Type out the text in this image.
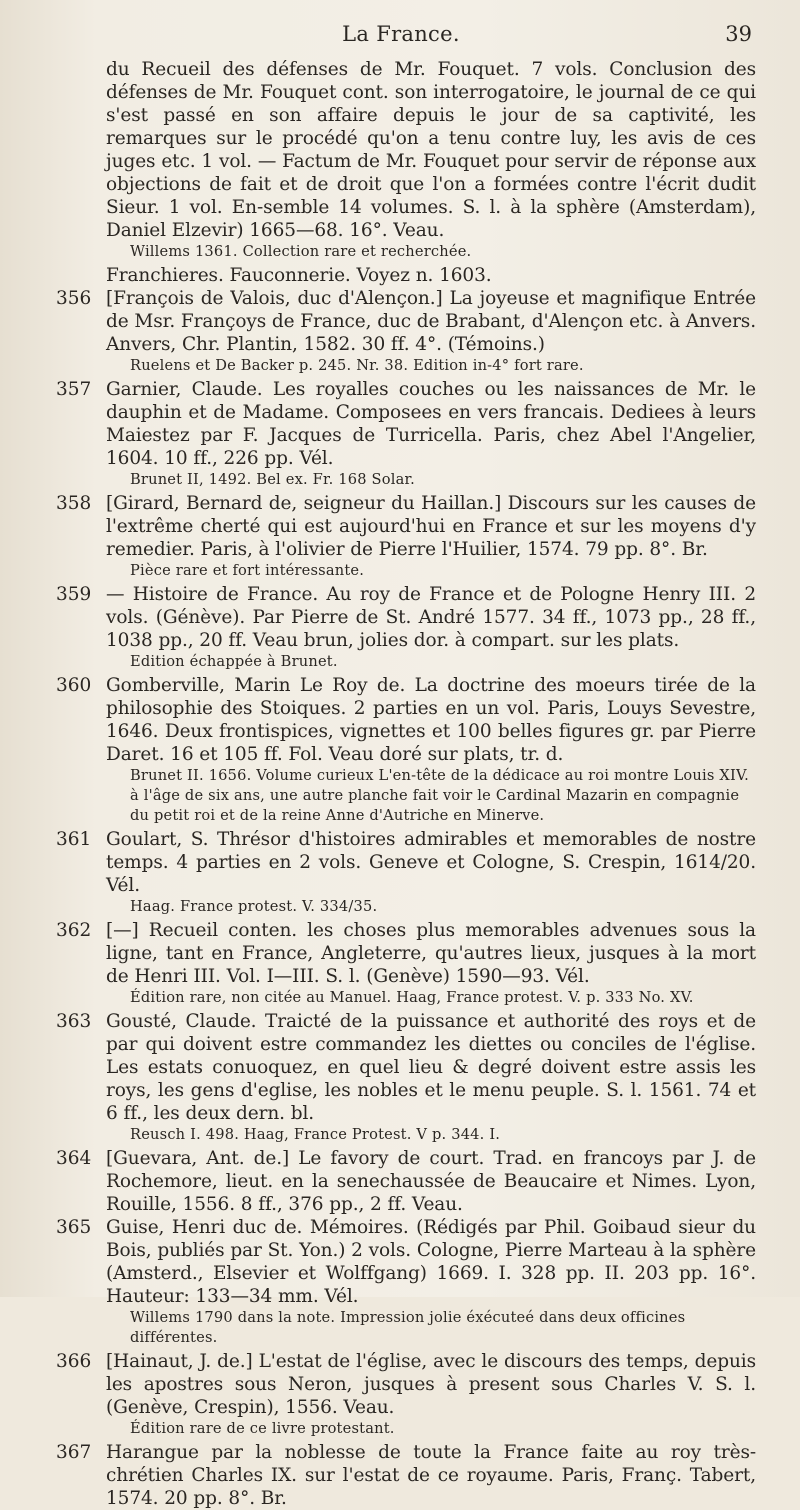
La France.	39

du Recueil des défenses de Mr. Fouquet. 7 vols. Conclusion des défenses de Mr. Fouquet cont. son interrogatoire, le journal de ce qui s'est passé en son affaire depuis le jour de sa captivité, les remarques sur le procédé qu'on a tenu contre luy, les avis de ces juges etc. 1 vol. — Factum de Mr. Fouquet pour servir de réponse aux objections de fait et de droit que l'on a formées contre l'écrit dudit Sieur. 1 vol. En-semble 14 volumes. S. l. à la sphère (Amsterdam), Daniel Elzevir) 1665—68. 16°. Veau.

Willems 1361. Collection rare et recherchée.

Franchieres. Fauconnerie. Voyez n. 1603.

356 [François de Valois, duc d'Alençon.] La joyeuse et magnifique Entrée de Msr. Françoys de France, duc de Brabant, d'Alençon etc. à Anvers. Anvers, Chr. Plantin, 1582. 30 ff. 4°. (Témoins.)

Ruelens et De Backer p. 245. Nr. 38. Edition in-4° fort rare.

357 Garnier, Claude. Les royalles couches ou les naissances de Mr. le dauphin et de Madame. Composees en vers francais. Dediees à leurs Maiestez par F. Jacques de Turricella. Paris, chez Abel l'Angelier, 1604. 10 ff., 226 pp. Vél.

Brunet II, 1492. Bel ex. Fr. 168 Solar.

358 [Girard, Bernard de, seigneur du Haillan.] Discours sur les causes de l'extrême cherté qui est aujourd'hui en France et sur les moyens d'y remedier. Paris, à l'olivier de Pierre l'Huilier, 1574. 79 pp. 8°. Br.

Pièce rare et fort intéressante.

359 — Histoire de France. Au roy de France et de Pologne Henry III. 2 vols. (Génève). Par Pierre de St. André 1577. 34 ff., 1073 pp., 28 ff., 1038 pp., 20 ff. Veau brun, jolies dor. à compart. sur les plats.

Edition échappée à Brunet.

360 Gomberville, Marin Le Roy de. La doctrine des moeurs tirée de la philosophie des Stoiques. 2 parties en un vol. Paris, Louys Sevestre, 1646. Deux frontispices, vignettes et 100 belles figures gr. par Pierre Daret. 16 et 105 ff. Fol. Veau doré sur plats, tr. d.

Brunet II. 1656. Volume curieux L'en-tête de la dédicace au roi montre Louis XIV. à l'âge de six ans, une autre planche fait voir le Cardinal Mazarin en compagnie du petit roi et de la reine Anne d'Autriche en Minerve.

361 Goulart, S. Thrésor d'histoires admirables et memorables de nostre temps. 4 parties en 2 vols. Geneve et Cologne, S. Crespin, 1614/20. Vél.

Haag. France protest. V. 334/35.

362 [—] Recueil conten. les choses plus memorables advenues sous la ligne, tant en France, Angleterre, qu'autres lieux, jusques à la mort de Henri III. Vol. I—III. S. l. (Genève) 1590—93. Vél.

Édition rare, non citée au Manuel. Haag, France protest. V. p. 333 No. XV.

363 Gousté, Claude. Traicté de la puissance et authorité des roys et de par qui doivent estre commandez les diettes ou conciles de l'église. Les estats conuoquez, en quel lieu & degré doivent estre assis les roys, les gens d'eglise, les nobles et le menu peuple. S. l. 1561. 74 et 6 ff., les deux dern. bl.

Reusch I. 498. Haag, France Protest. V p. 344. I.

364 [Guevara, Ant. de.] Le favory de court. Trad. en francoys par J. de Rochemore, lieut. en la senechaussée de Beaucaire et Nimes. Lyon, Rouille, 1556. 8 ff., 376 pp., 2 ff. Veau.

365 Guise, Henri duc de. Mémoires. (Rédigés par Phil. Goibaud sieur du Bois, publiés par St. Yon.) 2 vols. Cologne, Pierre Marteau à la sphère (Amsterd., Elsevier et Wolffgang) 1669. I. 328 pp. II. 203 pp. 16°. Hauteur: 133—34 mm. Vél.

Willems 1790 dans la note. Impression jolie éxécuteé dans deux officines différentes.

366 [Hainaut, J. de.] L'estat de l'église, avec le discours des temps, depuis les apostres sous Neron, jusques à present sous Charles V. S. l. (Genève, Crespin), 1556. Veau.

Édition rare de ce livre protestant.

367 Harangue par la noblesse de toute la France faite au roy très-chrétien Charles IX. sur l'estat de ce royaume. Paris, Franç. Tabert, 1574. 20 pp. 8°. Br.
